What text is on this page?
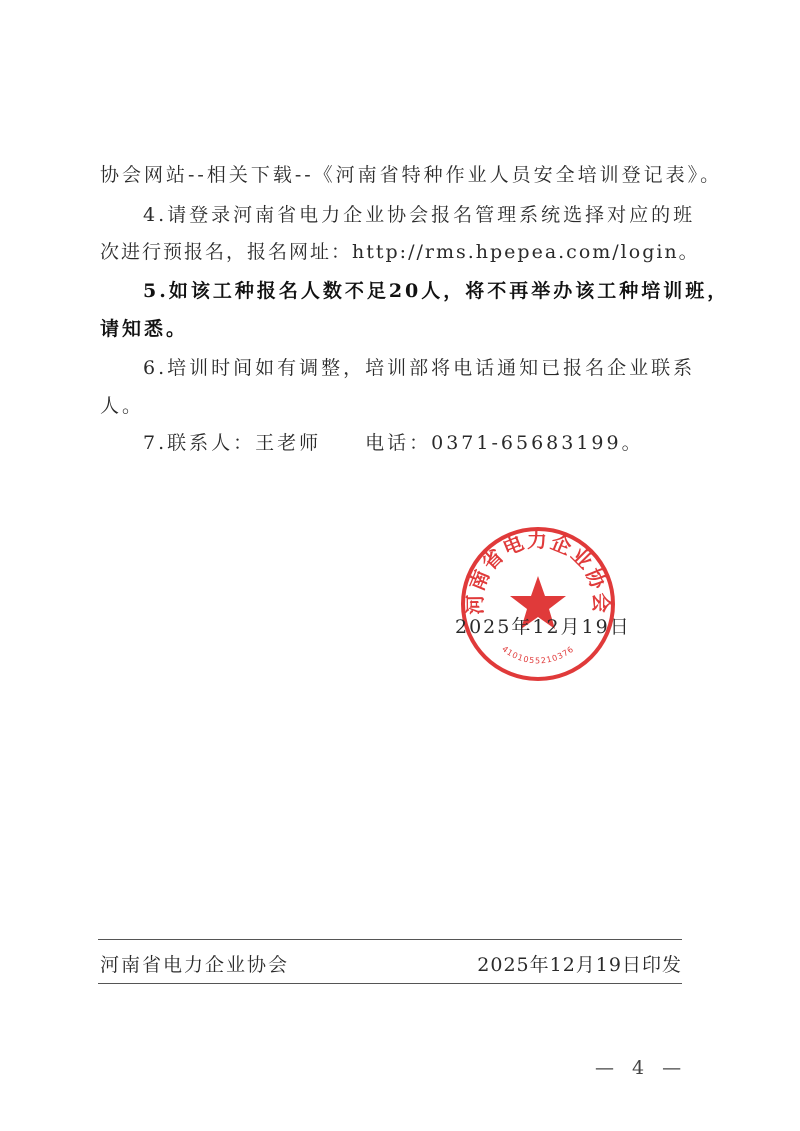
协会网站--相关下载--《河南省特种作业人员安全培训登记表》。
4.请登录河南省电力企业协会报名管理系统选择对应的班
次进行预报名，报名网址：http://rms.hpepea.com/login。
5.如该工种报名人数不足20人，将不再举办该工种培训班，
请知悉。
6.培训时间如有调整，培训部将电话通知已报名企业联系
人。
7.联系人：王老师　　电话：0371-65683199。
河南省电力企业协会
4101055210376
2025年12月19日
河南省电力企业协会	2025年12月19日印发
— 4 —
